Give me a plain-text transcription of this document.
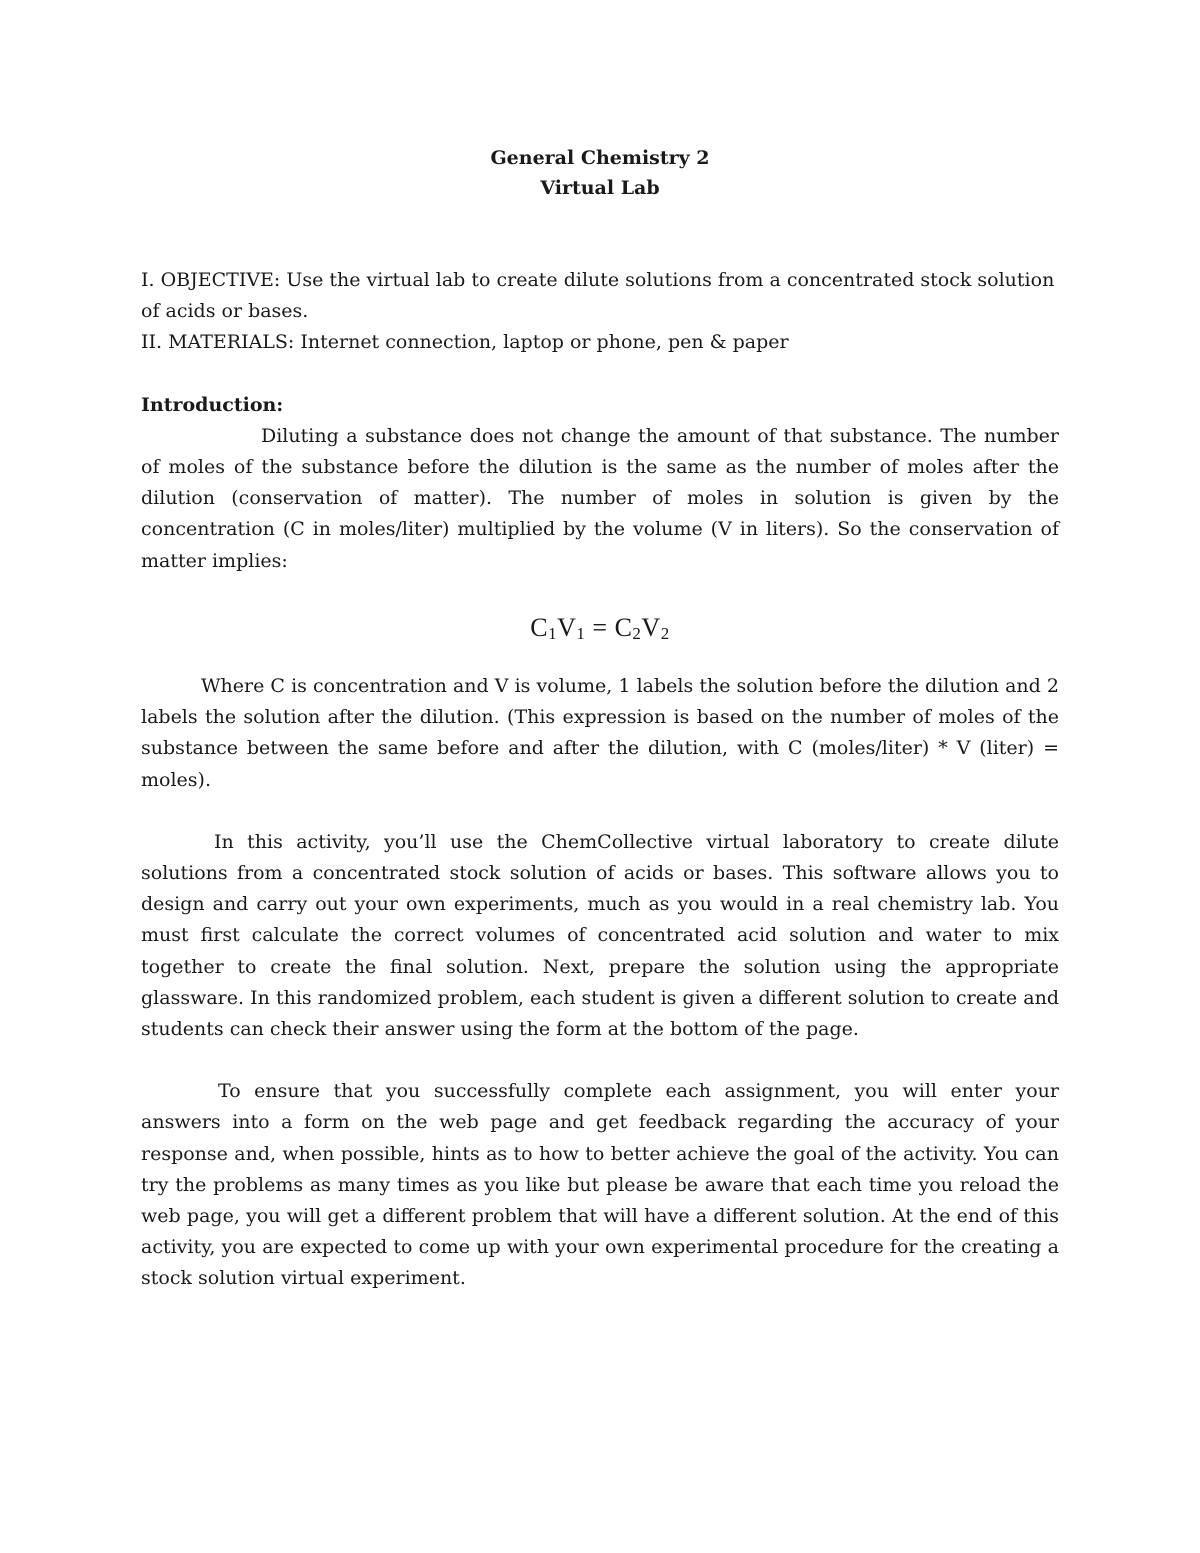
General Chemistry 2
Virtual Lab

I. OBJECTIVE: Use the virtual lab to create dilute solutions from a concentrated stock solution of acids or bases.

II. MATERIALS: Internet connection, laptop or phone, pen & paper

Introduction:

Diluting a substance does not change the amount of that substance. The number of moles of the substance before the dilution is the same as the number of moles after the dilution (conservation of matter). The number of moles in solution is given by the concentration (C in moles/liter) multiplied by the volume (V in liters). So the conservation of matter implies:

$C_1V_1 = C_2V_2$

Where C is concentration and V is volume, 1 labels the solution before the dilution and 2 labels the solution after the dilution. (This expression is based on the number of moles of the substance between the same before and after the dilution, with C (moles/liter) * V (liter) = moles).

In this activity, you’ll use the ChemCollective virtual laboratory to create dilute solutions from a concentrated stock solution of acids or bases. This software allows you to design and carry out your own experiments, much as you would in a real chemistry lab. You must first calculate the correct volumes of concentrated acid solution and water to mix together to create the final solution. Next, prepare the solution using the appropriate glassware. In this randomized problem, each student is given a different solution to create and students can check their answer using the form at the bottom of the page.

To ensure that you successfully complete each assignment, you will enter your answers into a form on the web page and get feedback regarding the accuracy of your response and, when possible, hints as to how to better achieve the goal of the activity. You can try the problems as many times as you like but please be aware that each time you reload the web page, you will get a different problem that will have a different solution. At the end of this activity, you are expected to come up with your own experimental procedure for the creating a stock solution virtual experiment.
